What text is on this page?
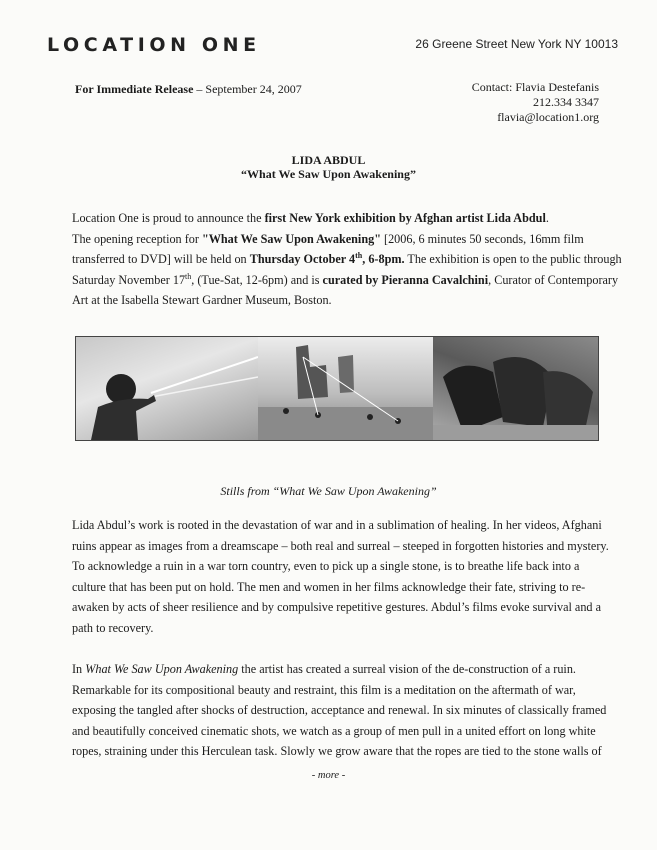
LOCATION ONE	26 Greene Street New York NY 10013
For Immediate Release – September 24, 2007	Contact: Flavia Destefanis
212.334 3347
flavia@location1.org
LIDA ABDUL
“What We Saw Upon Awakening”
Location One is proud to announce the first New York exhibition by Afghan artist Lida Abdul.
The opening reception for "What We Saw Upon Awakening" [2006, 6 minutes 50 seconds, 16mm film
transferred to DVD] will be held on Thursday October 4th, 6-8pm. The exhibition is open to the public through
Saturday November 17th, (Tue-Sat, 12-6pm) and is curated by Pieranna Cavalchini, Curator of Contemporary
Art at the Isabella Stewart Gardner Museum, Boston.
Stills from “What We Saw Upon Awakening”
Lida Abdul’s work is rooted in the devastation of war and in a sublimation of healing. In her videos, Afghani
ruins appear as images from a dreamscape – both real and surreal – steeped in forgotten histories and mystery.
To acknowledge a ruin in a war torn country, even to pick up a single stone, is to breathe life back into a
culture that has been put on hold. The men and women in her films acknowledge their fate, striving to re-
awaken by acts of sheer resilience and by compulsive repetitive gestures. Abdul’s films evoke survival and a
path to recovery.
In What We Saw Upon Awakening the artist has created a surreal vision of the de-construction of a ruin.
Remarkable for its compositional beauty and restraint, this film is a meditation on the aftermath of war,
exposing the tangled after shocks of destruction, acceptance and renewal. In six minutes of classically framed
and beautifully conceived cinematic shots, we watch as a group of men pull in a united effort on long white
ropes, straining under this Herculean task. Slowly we grow aware that the ropes are tied to the stone walls of
- more -
